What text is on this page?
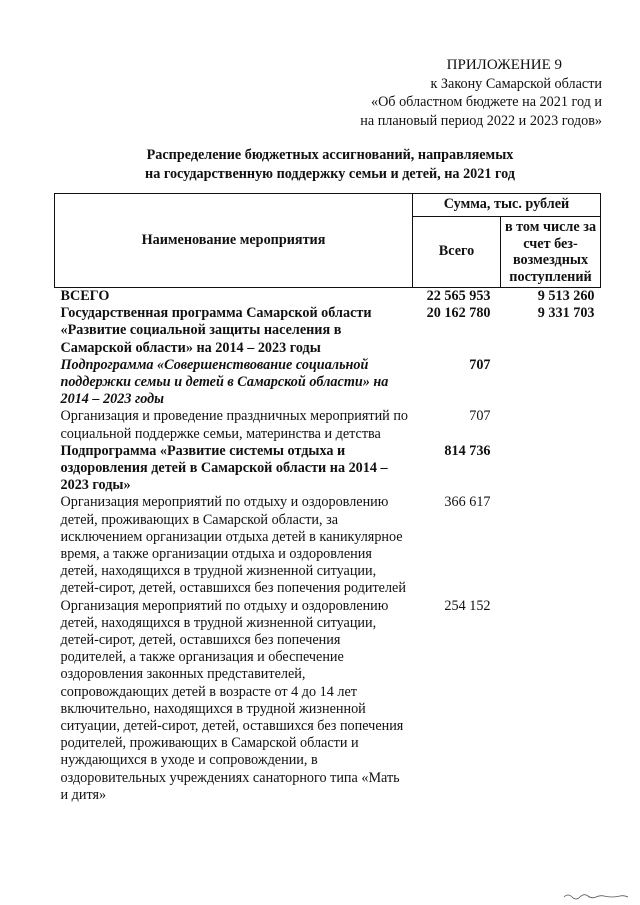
ПРИЛОЖЕНИЕ 9
к Закону Самарской области
«Об областном бюджете на 2021 год и
на плановый период 2022 и 2023 годов»
Распределение бюджетных ассигнований, направляемых
на государственную поддержку семьи и детей, на 2021 год
Наименование мероприятия	Сумма, тыс. рублей	
	Всего	в том числе за счет без-возмездных поступлений
ВСЕГО	22 565 953	9 513 260
Государственная программа Самарской области «Развитие социальной защиты населения в Самарской области» на 2014 – 2023 годы	20 162 780	9 331 703
Подпрограмма «Совершенствование социальной поддержки семьи и детей в Самарской области» на 2014 – 2023 годы	707	
Организация и проведение праздничных мероприятий по социальной поддержке семьи, материнства и детства	707	
Подпрограмма «Развитие системы отдыха и оздоровления детей в Самарской области на 2014 – 2023 годы»	814 736	
Организация мероприятий по отдыху и оздоровлению детей, проживающих в Самарской области, за исключением организации отдыха детей в каникулярное время, а также организации отдыха и оздоровления детей, находящихся в трудной жизненной ситуации, детей-сирот, детей, оставшихся без попечения родителей	366 617	
Организация мероприятий по отдыху и оздоровлению детей, находящихся в трудной жизненной ситуации, детей-сирот, детей, оставшихся без попечения родителей, а также организация и обеспечение оздоровления законных представителей, сопровождающих детей в возрасте от 4 до 14 лет включительно, находящихся в трудной жизненной ситуации, детей-сирот, детей, оставшихся без попечения родителей, проживающих в Самарской области и нуждающихся в уходе и сопровождении, в оздоровительных учреждениях санаторного типа «Мать и дитя»	254 152	
